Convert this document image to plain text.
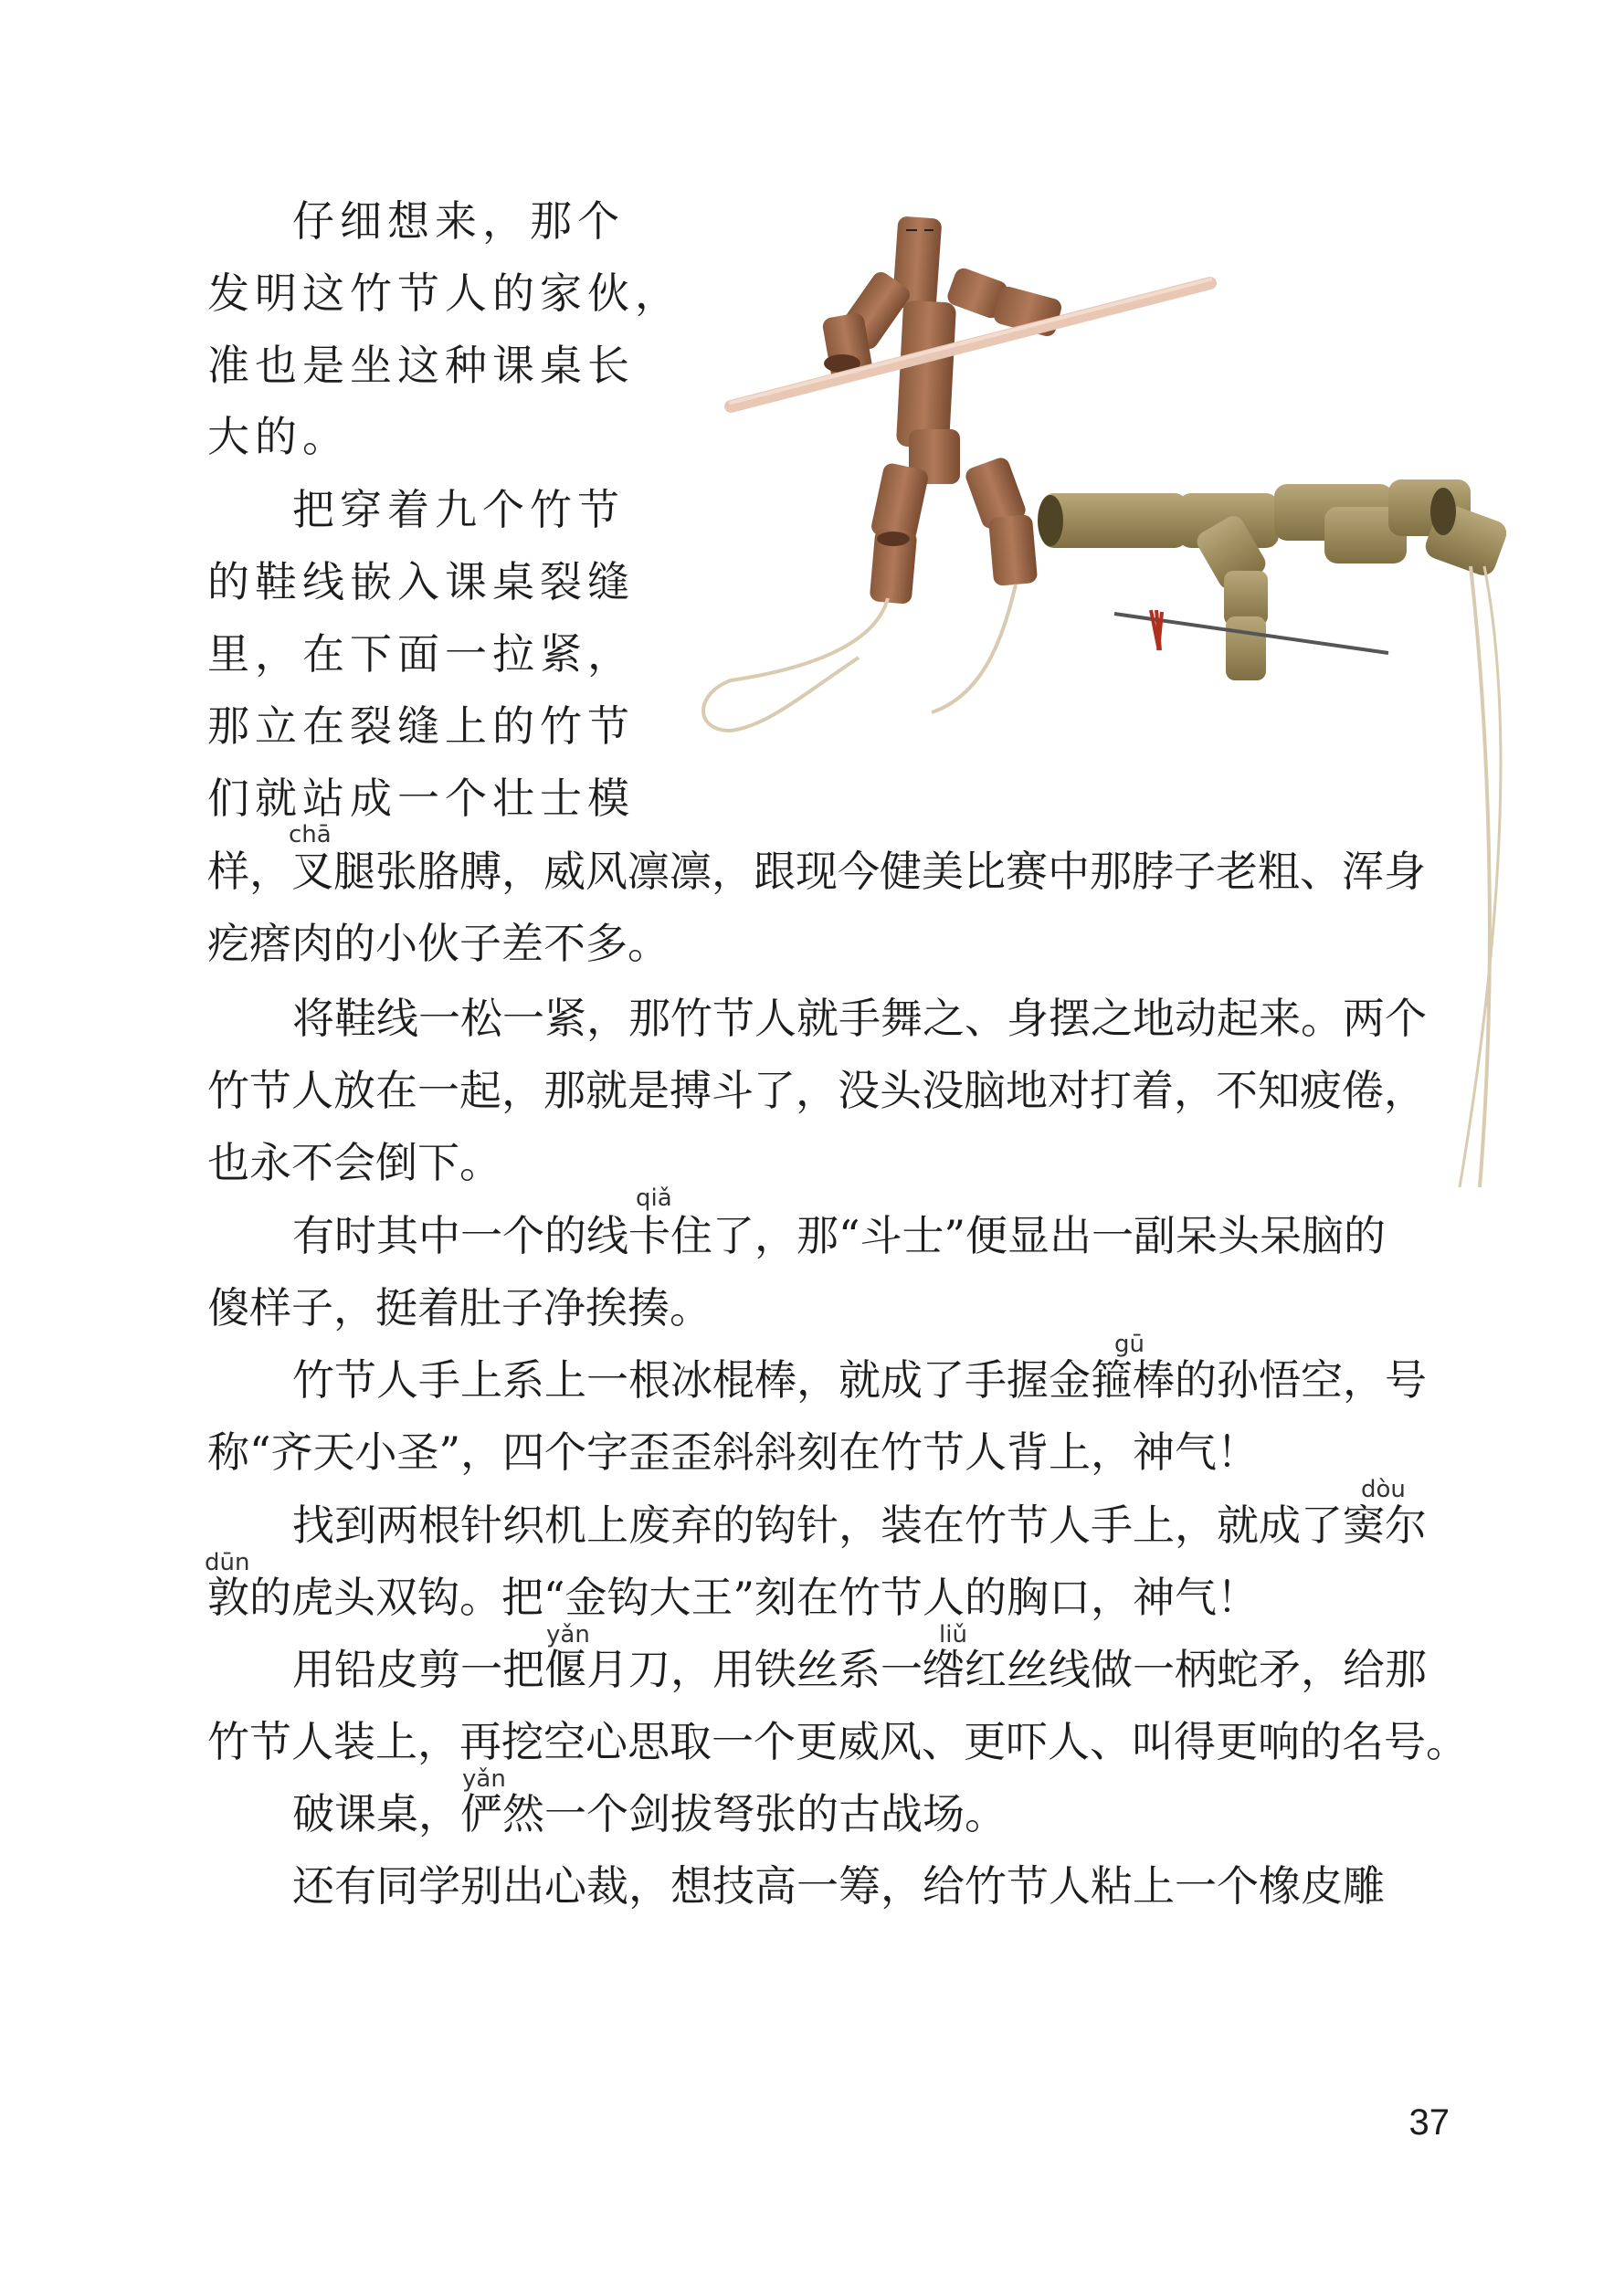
仔细想来，那个
发明这竹节人的家伙，
准也是坐这种课桌长
大的。
把穿着九个竹节
的鞋线嵌入课桌裂缝
里，在下面一拉紧，
那立在裂缝上的竹节
们就站成一个壮士模
chā
样，叉腿张胳膊，威风凛凛，跟现今健美比赛中那脖子老粗、浑身
疙瘩肉的小伙子差不多。
将鞋线一松一紧，那竹节人就手舞之、身摆之地动起来。两个
竹节人放在一起，那就是搏斗了，没头没脑地对打着，不知疲倦，
也永不会倒下。
qiǎ
有时其中一个的线卡住了，那“斗士”便显出一副呆头呆脑的
傻样子，挺着肚子净挨揍。
gū
竹节人手上系上一根冰棍棒，就成了手握金箍棒的孙悟空，号
称“齐天小圣”，四个字歪歪斜斜刻在竹节人背上，神气！
dòu
找到两根针织机上废弃的钩针，装在竹节人手上，就成了窦尔
dūn
敦的虎头双钩。把“金钩大王”刻在竹节人的胸口，神气！
yǎn	liǔ
用铅皮剪一把偃月刀，用铁丝系一绺红丝线做一柄蛇矛，给那
竹节人装上，再挖空心思取一个更威风、更吓人、叫得更响的名号。
yǎn
破课桌，俨然一个剑拔弩张的古战场。
还有同学别出心裁，想技高一筹，给竹节人粘上一个橡皮雕
37
